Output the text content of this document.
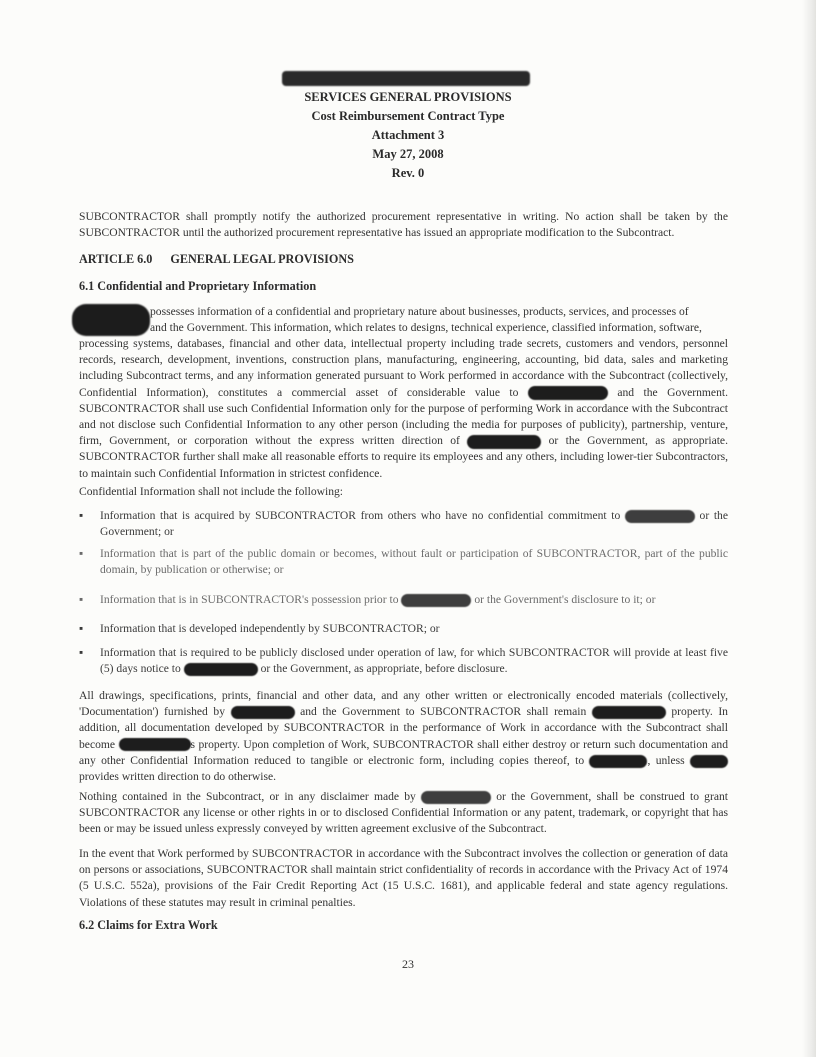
SERVICES GENERAL PROVISIONS
Cost Reimbursement Contract Type
Attachment 3
May 27, 2008
Rev. 0
SUBCONTRACTOR shall promptly notify the authorized procurement representative in writing. No action shall be taken by the SUBCONTRACTOR until the authorized procurement representative has issued an appropriate modification to the Subcontract.
ARTICLE 6.0 GENERAL LEGAL PROVISIONS
6.1 Confidential and Proprietary Information
possesses information of a confidential and proprietary nature about businesses, products, services, and processes of
and the Government. This information, which relates to designs, technical experience, classified information, software,
processing systems, databases, financial and other data, intellectual property including trade secrets, customers and vendors, personnel records, research, development, inventions, construction plans, manufacturing, engineering, accounting, bid data, sales and marketing including Subcontract terms, and any information generated pursuant to Work performed in accordance with the Subcontract (collectively, Confidential Information), constitutes a commercial asset of considerable value to	and the Government. SUBCONTRACTOR shall use such Confidential Information only for the purpose of performing Work in accordance with the Subcontract and not disclose such Confidential Information to any other person (including the media for purposes of publicity), partnership, venture, firm, Government, or corporation without the express written direction of	or the Government, as appropriate. SUBCONTRACTOR further shall make all reasonable efforts to require its employees and any others, including lower-tier Subcontractors, to maintain such Confidential Information in strictest confidence.
Confidential Information shall not include the following:
▪ Information that is acquired by SUBCONTRACTOR from others who have no confidential commitment to	or the Government; or
▪ Information that is part of the public domain or becomes, without fault or participation of SUBCONTRACTOR, part of the public domain, by publication or otherwise; or
▪ Information that is in SUBCONTRACTOR's possession prior to	or the Government's disclosure to it; or
▪ Information that is developed independently by SUBCONTRACTOR; or
▪ Information that is required to be publicly disclosed under operation of law, for which SUBCONTRACTOR will provide at least five (5) days notice to	or the Government, as appropriate, before disclosure.
All drawings, specifications, prints, financial and other data, and any other written or electronically encoded materials (collectively, 'Documentation') furnished by	and the Government to SUBCONTRACTOR shall remain	property. In addition, all documentation developed by SUBCONTRACTOR in the performance of Work in accordance with the Subcontract shall become	s property. Upon completion of Work, SUBCONTRACTOR shall either destroy or return such documentation and any other Confidential Information reduced to tangible or electronic form, including copies thereof, to	, unless  provides written direction to do otherwise.
Nothing contained in the Subcontract, or in any disclaimer made by	or the Government, shall be construed to grant SUBCONTRACTOR any license or other rights in or to disclosed Confidential Information or any patent, trademark, or copyright that has been or may be issued unless expressly conveyed by written agreement exclusive of the Subcontract.
In the event that Work performed by SUBCONTRACTOR in accordance with the Subcontract involves the collection or generation of data on persons or associations, SUBCONTRACTOR shall maintain strict confidentiality of records in accordance with the Privacy Act of 1974 (5 U.S.C. 552a), provisions of the Fair Credit Reporting Act (15 U.S.C. 1681), and applicable federal and state agency regulations. Violations of these statutes may result in criminal penalties.
6.2 Claims for Extra Work
23
